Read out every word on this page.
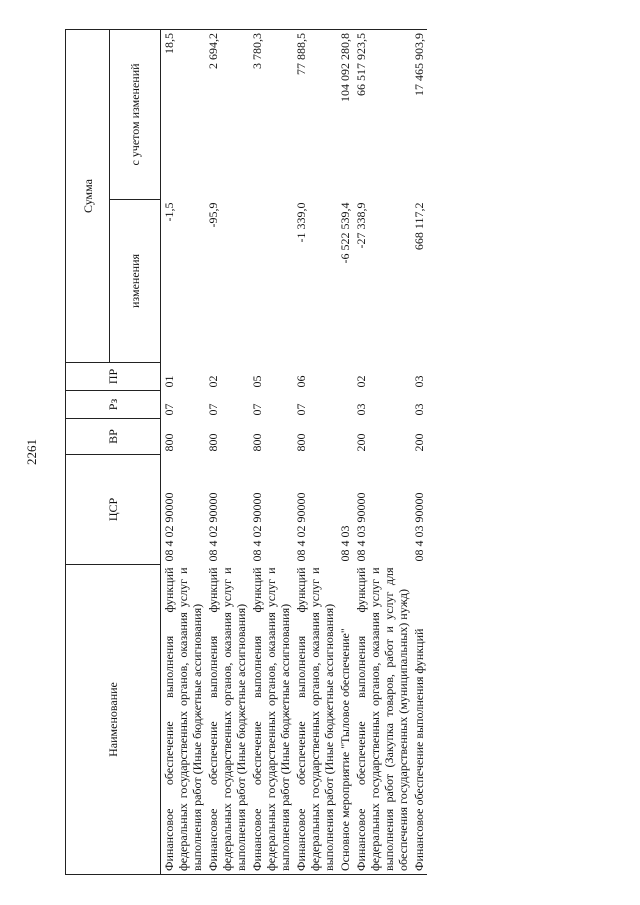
2261
Наименование	ЦСР	ВР	Рз	ПР	Сумма	
					изменения	с учетом изменений
Финансовое обеспечение выполнения функций федеральных государственных органов, оказания услуг и выполнения работ (Иные бюджетные ассигнования)	08 4 02 90000	800	07	01	-1,5	18,5
Финансовое обеспечение выполнения функций федеральных государственных органов, оказания услуг и выполнения работ (Иные бюджетные ассигнования)	08 4 02 90000	800	07	02	-95,9	2 694,2
Финансовое обеспечение выполнения функций федеральных государственных органов, оказания услуг и выполнения работ (Иные бюджетные ассигнования)	08 4 02 90000	800	07	05		3 780,3
Финансовое обеспечение выполнения функций федеральных государственных органов, оказания услуг и выполнения работ (Иные бюджетные ассигнования)	08 4 02 90000	800	07	06	-1 339,0	77 888,5
Основное мероприятие "Тыловое обеспечение"	08 4 03				-6 522 539,4	104 092 280,8
Финансовое обеспечение выполнения функций федеральных государственных органов, оказания услуг и выполнения работ (Закупка товаров, работ и услуг для обеспечения государственных (муниципальных) нужд)	08 4 03 90000	200	03	02	-27 338,9	66 517 923,5
Финансовое обеспечение выполнения функций	08 4 03 90000	200	03	03	668 117,2	17 465 903,9
